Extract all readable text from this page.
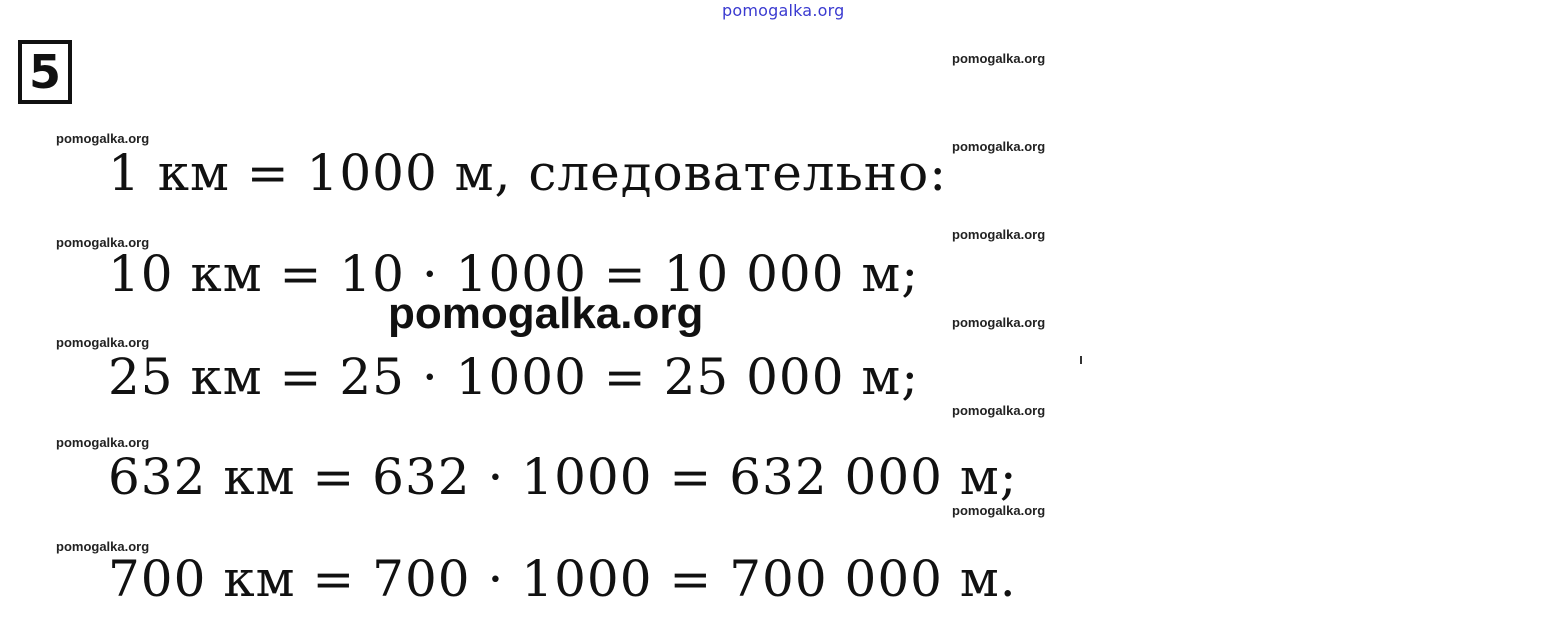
pomogalka.org
5	pomogalka.org
pomogalka.org
pomogalka.org
pomogalka.org
pomogalka.org
pomogalka.org
pomogalka.org
pomogalka.org
pomogalka.org
pomogalka.org
pomogalka.org
1 км = 1000 м, следовательно:
10 км = 10 · 1000 = 10 000 м;
25 км = 25 · 1000 = 25 000 м;
632 км = 632 · 1000 = 632 000 м;
700 км = 700 · 1000 = 700 000 м.
pomogalka.org
